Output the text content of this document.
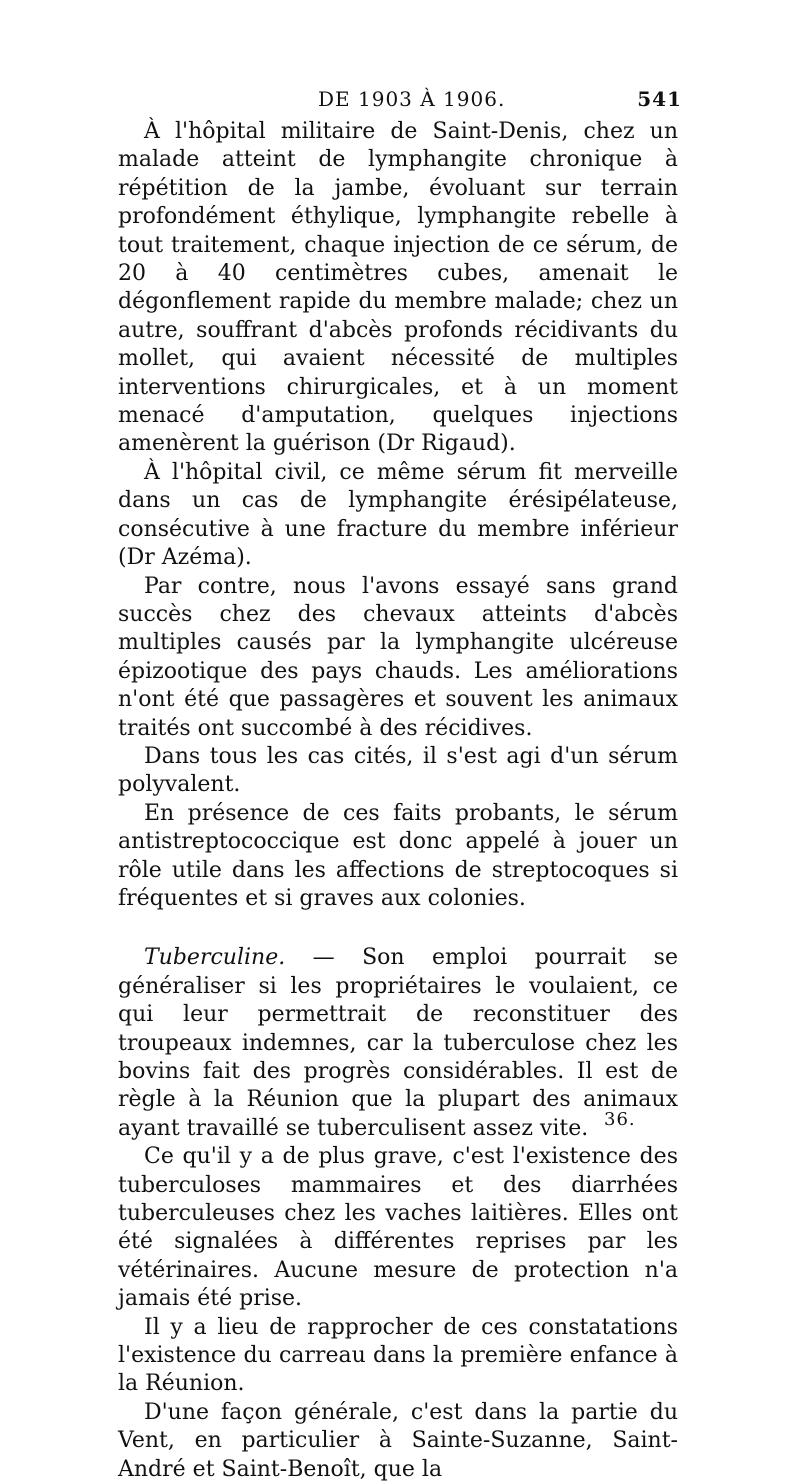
DE 1903 À 1906.	541

À l'hôpital militaire de Saint-Denis, chez un malade atteint de lymphangite chronique à répétition de la jambe, évoluant sur terrain profondément éthylique, lymphangite rebelle à tout traitement, chaque injection de ce sérum, de 20 à 40 centimètres cubes, amenait le dégonflement rapide du membre malade; chez un autre, souffrant d'abcès profonds récidivants du mollet, qui avaient nécessité de multiples interventions chirurgicales, et à un moment menacé d'amputation, quelques injections amenèrent la guérison (Dr Rigaud).

À l'hôpital civil, ce même sérum fit merveille dans un cas de lymphangite érésipélateuse, consécutive à une fracture du membre inférieur (Dr Azéma).

Par contre, nous l'avons essayé sans grand succès chez des chevaux atteints d'abcès multiples causés par la lymphangite ulcéreuse épizootique des pays chauds. Les améliorations n'ont été que passagères et souvent les animaux traités ont succombé à des récidives.

Dans tous les cas cités, il s'est agi d'un sérum polyvalent.

En présence de ces faits probants, le sérum antistreptococcique est donc appelé à jouer un rôle utile dans les affections de streptocoques si fréquentes et si graves aux colonies.

Tuberculine. — Son emploi pourrait se généraliser si les propriétaires le voulaient, ce qui leur permettrait de reconstituer des troupeaux indemnes, car la tuberculose chez les bovins fait des progrès considérables. Il est de règle à la Réunion que la plupart des animaux ayant travaillé se tuberculisent assez vite.

Ce qu'il y a de plus grave, c'est l'existence des tuberculoses mammaires et des diarrhées tuberculeuses chez les vaches laitières. Elles ont été signalées à différentes reprises par les vétérinaires. Aucune mesure de protection n'a jamais été prise.

Il y a lieu de rapprocher de ces constatations l'existence du carreau dans la première enfance à la Réunion.

D'une façon générale, c'est dans la partie du Vent, en particulier à Sainte-Suzanne, Saint-André et Saint-Benoît, que la

36.
